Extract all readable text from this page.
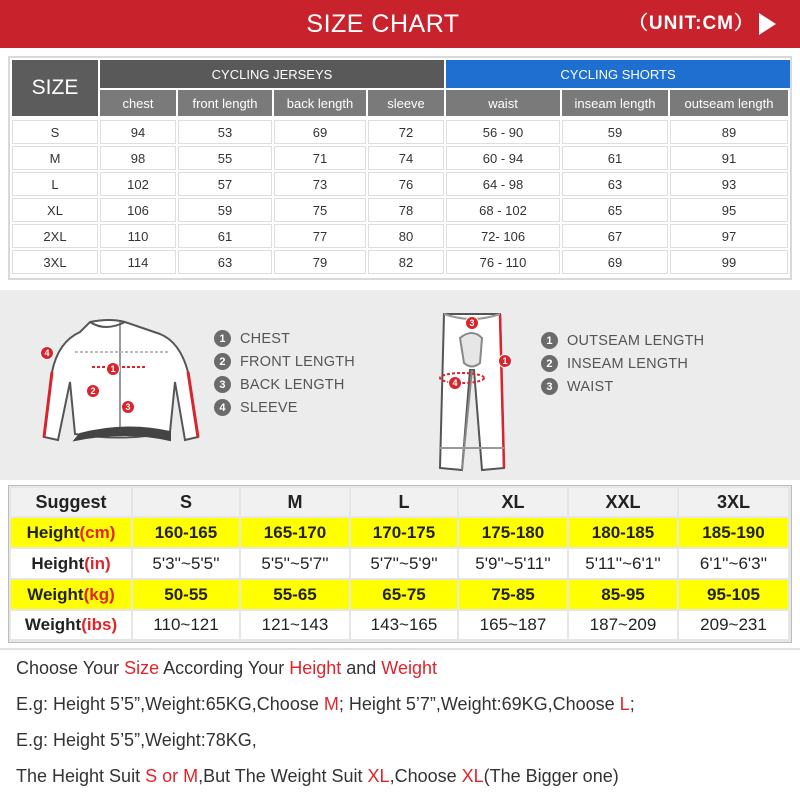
SIZE CHART	（UNIT:CM）
SIZE
CYCLING JERSEYS	CYCLING SHORTS
chest	front length	back length	sleeve	waist	inseam length	outseam length
S	94	53	69	72	56 - 90	59	89
M	98	55	71	74	60 - 94	61	91
L	102	57	73	76	64 - 98	63	93
XL	106	59	75	78	68 - 102	65	95
2XL	110	61	77	80	72- 106	67	97
3XL	114	63	79	82	76 - 110	69	99
1
2
3
4
1 CHEST
2 FRONT LENGTH
3 BACK LENGTH
4 SLEEVE
3
1
4
1 OUTSEAM LENGTH
2 INSEAM LENGTH
3 WAIST
Suggest	S	M	L	XL	XXL	3XL
Height (cm)	160-165	165-170	170-175	175-180	180-185	185-190
Height (in)	5'3''~5'5''	5'5''~5'7''	5'7''~5'9''	5'9''~5'11''	5'11''~6'1''	6'1''~6'3''
Weight (kg)	50-55	55-65	65-75	75-85	85-95	95-105
Weight (ibs)	110~121	121~143	143~165	165~187	187~209	209~231
Choose Your Size According Your Height and Weight
E.g: Height 5’5”,Weight:65KG,Choose M; Height 5’7”,Weight:69KG,Choose L;
E.g: Height 5’5”,Weight:78KG,
The Height Suit S or M,But The Weight Suit XL,Choose XL(The Bigger one)
